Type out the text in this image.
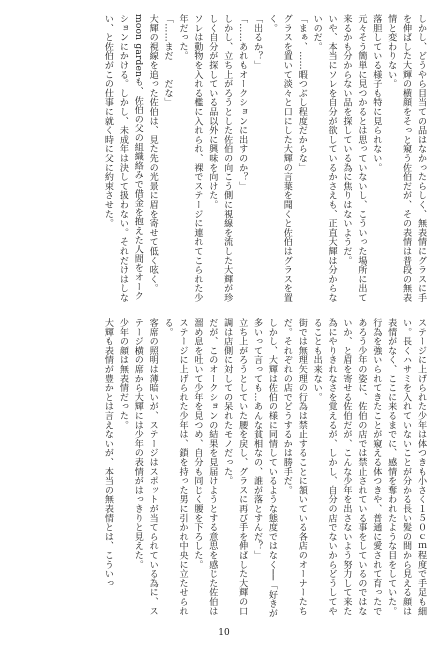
しかし、どうやら目当ての品はなかったらしく、無表情にグラスに手を伸ばした大輝の横顔をそっと窺う佐伯だが、その表情は普段の無表情と変わりない。
落胆している様子も特に見られない。
元々そう簡単に見つかるとは思っていないし、こういった場所に出て来るかも分からない品を探している為に焦りはないようだ。
いや、本当にソレを自分が欲しているかさえも、正直大輝は分からないのだ。
「まぁ、……暇つぶし程度だからな」
グラスを置いて淡々と口にした大輝の言葉を聞くと佐伯はグラスを置く。
「出るか？」
「……あれもオークションに出すのか？」
しかし、立ち上がろうとした佐伯の向こう側に視線を流した大輝が珍しく自分が探している品以外に興味を向けた。
ソレは動物を入れる檻に入れられ、裸でステージに連れてこられた少年だった。
「……まだ　　だな」
大輝の視線を追った佐伯は、見た先の光景に眉を寄せて低く呟く。
moon gardenも、佐伯の父の組織絡みで借金を抱えた人間をオークションにかける。しかし、未成年は決して扱わない。それだけはしない、と佐伯がこの仕事に就く時に父に約束させた。
ステージに上げられた少年は体つきも小さく１５０ｃｍ程度で手足も細い。長くハサミを入れていないことが分かる長い髪の間から見える顔は表情がなく、ここに来るまでに、感情を奪われたような目をしていた。
行為を強いられてきたことが窺える体つきや、普通に愛されて育ったであろう少年の姿に、佐伯の店では禁止されている事をしているのではないか、と眉を寄せる佐伯だが、こんな少年を出さないよう努力して来た為にやりきれなさを覚えるが、しかし、自分の店でないからどうしてやることも出来ない。
街では無理矢理の行為は禁止することに頷いている各店のオーナーたちだ。それぞれの店でどうするかは勝手だ。
しかし、大輝は佐伯の様に同情しているような態度ではなく──「好きが多いって言っても…あんな貧相なの、誰が落とすんだ？」
立ち上がろうとしていた腰を戻し、グラスに再び手を伸ばした大輝の口調は店側に対しての呆れたモノだった。
だが、このオークションの結果を見届けようとする意思を感じた佐伯は溜め息を吐いて少年を見つめ、自分も同じく腰を下ろした。
ステージに上げられた少年は、鎖を持った男に引かれ中央に立たせられる。
客席の照明は薄暗いが、ステージはスポットが当てられている為に、ステージ横の席から大輝には少年の表情がはっきりと見えた。
少年の顔は無表情だった。
大輝も表情が豊かとは言えないが、本当の無表情とは、こういっ
10
